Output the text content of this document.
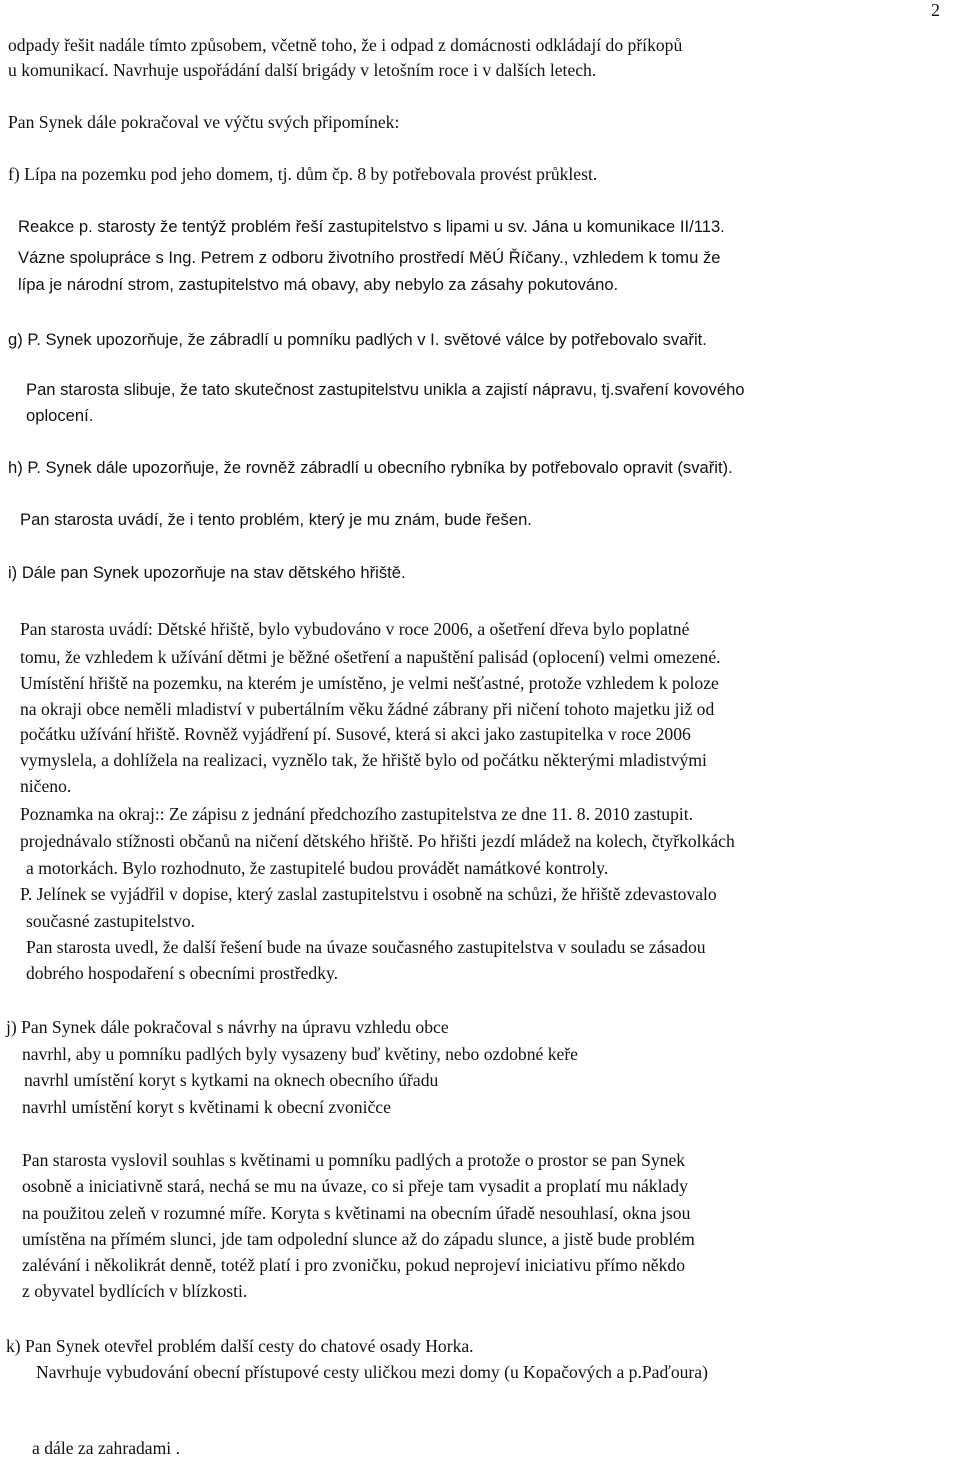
2
odpady řešit nadále tímto způsobem, včetně toho, že i odpad z domácnosti odkládají do příkopů
u komunikací. Navrhuje uspořádání další brigády v letošním roce i v dalších letech.
Pan Synek dále pokračoval ve výčtu svých připomínek:
f) Lípa na pozemku pod jeho domem, tj. dům čp. 8 by potřebovala provést průklest.
Reakce p. starosty že tentýž problém řeší zastupitelstvo s lipami u sv. Jána u komunikace II/113.
Vázne spolupráce s Ing. Petrem z odboru životního prostředí MěÚ Říčany., vzhledem k tomu že
lípa je národní strom, zastupitelstvo má obavy, aby nebylo za zásahy pokutováno.
g) P. Synek upozorňuje, že zábradlí u pomníku padlých v I. světové válce by potřebovalo svařit.
Pan starosta slibuje, že tato skutečnost zastupitelstvu unikla a zajistí nápravu, tj.svaření kovového
oplocení.
h) P. Synek dále upozorňuje, že rovněž zábradlí u obecního rybníka by potřebovalo opravit (svařit).
Pan starosta uvádí, že i tento problém, který je mu znám, bude řešen.
i) Dále pan Synek upozorňuje na stav dětského hřiště.
Pan starosta uvádí: Dětské hřiště, bylo vybudováno v roce 2006, a ošetření dřeva bylo poplatné
tomu, že vzhledem k užívání dětmi je běžné ošetření a napuštění palisád (oplocení) velmi omezené.
Umístění hřiště na pozemku, na kterém je umístěno, je velmi nešťastné, protože vzhledem k poloze
na okraji obce neměli mladiství v pubertálním věku žádné zábrany při ničení tohoto majetku již od
počátku užívání hřiště. Rovněž vyjádření pí. Susové, která si akci jako zastupitelka v roce 2006
vymyslela, a dohlížela na realizaci, vyznělo tak, že hřiště bylo od počátku některými mladistvými
ničeno.
Poznamka na okraj:: Ze zápisu z jednání předchozího zastupitelstva ze dne 11. 8. 2010 zastupit.
projednávalo stížnosti občanů na ničení dětského hřiště. Po hřišti jezdí mládež na kolech, čtyřkolkách
a motorkách. Bylo rozhodnuto, že zastupitelé budou provádět namátkové kontroly.
P. Jelínek se vyjádřil v dopise, který zaslal zastupitelstvu i osobně na schůzi, že hřiště zdevastovalo
současné zastupitelstvo.
Pan starosta uvedl, že další řešení bude na úvaze současného zastupitelstva v souladu se zásadou
dobrého hospodaření s obecními prostředky.
j) Pan Synek dále pokračoval s návrhy na úpravu vzhledu obce
navrhl, aby u pomníku padlých byly vysazeny buď květiny, nebo ozdobné keře
navrhl umístění koryt s kytkami na oknech obecního úřadu
navrhl umístění koryt s květinami k obecní zvoničce
Pan starosta vyslovil souhlas s květinami u pomníku padlých a protože o prostor se pan Synek
osobně a iniciativně stará, nechá se mu na úvaze, co si přeje tam vysadit a proplatí mu náklady
na použitou zeleň v rozumné míře. Koryta s květinami na obecním úřadě nesouhlasí, okna jsou
umístěna na přímém slunci, jde tam odpolední slunce až do západu slunce, a jistě bude problém
zalévání i několikrát denně, totéž platí i pro zvoničku, pokud neprojeví iniciativu přímo někdo
z obyvatel bydlících v blízkosti.
k) Pan Synek otevřel problém další cesty do chatové osady Horka.
Navrhuje vybudování obecní přístupové cesty uličkou mezi domy (u Kopačových a p.Paďoura)
a dále za zahradami .
